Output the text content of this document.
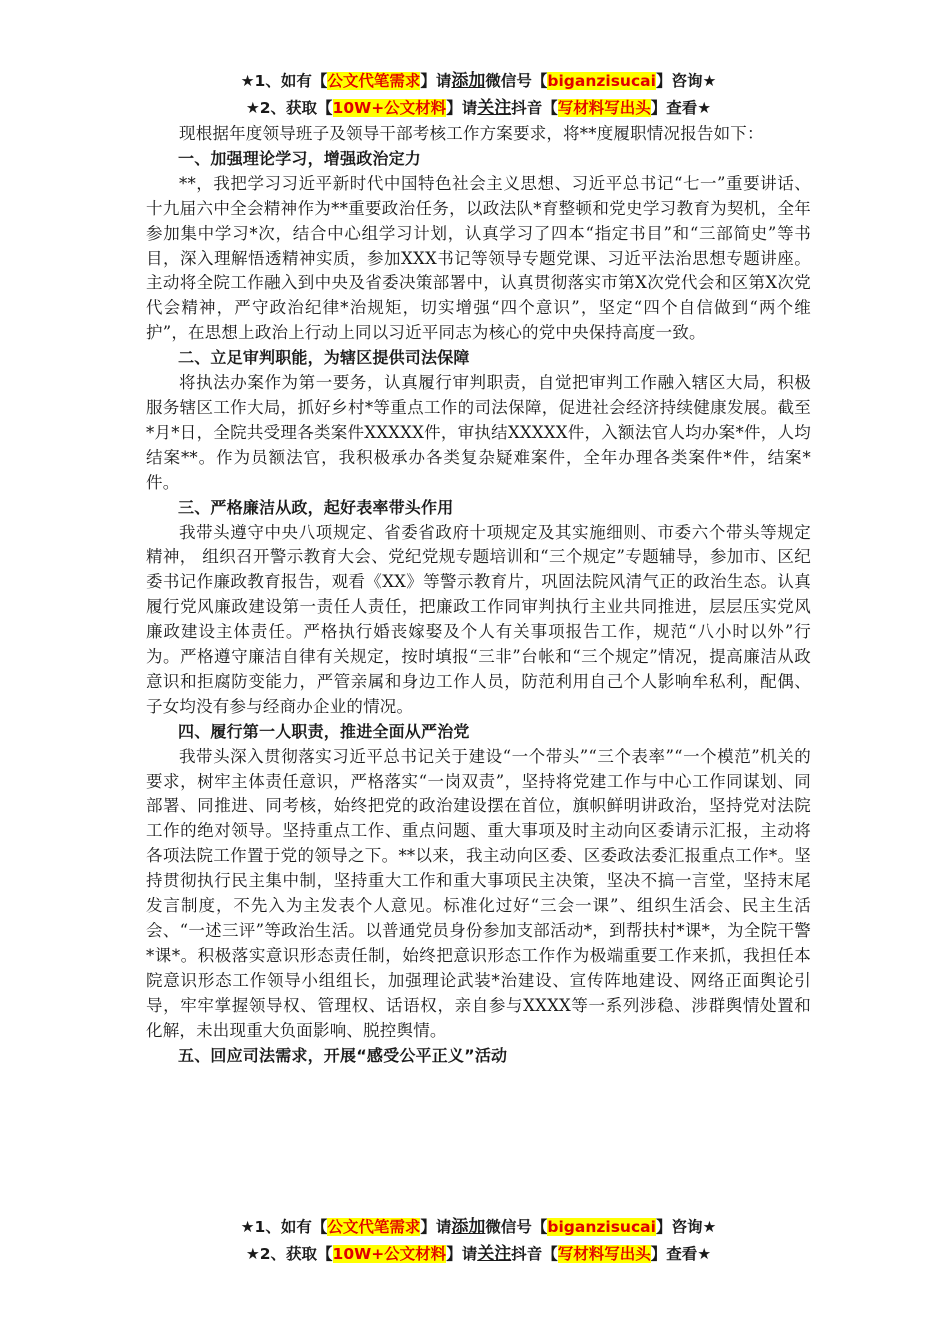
★1、如有【公文代笔需求】请添加微信号【biganzisucai】咨询★
★2、获取【10W+公文材料】请关注抖音【写材料写出头】查看★

现根据年度领导班子及领导干部考核工作方案要求，将**度履职情况报告如下：

一、加强理论学习，增强政治定力

**，我把学习习近平新时代中国特色社会主义思想、习近平总书记“七一”重要讲话、十九届六中全会精神作为**重要政治任务，以政法队*育整顿和党史学习教育为契机，全年参加集中学习*次，结合中心组学习计划，认真学习了四本“指定书目”和“三部简史”等书目，深入理解悟透精神实质，参加XXX书记等领导专题党课、习近平法治思想专题讲座。主动将全院工作融入到中央及省委决策部署中，认真贯彻落实市第X次党代会和区第X次党代会精神，严守政治纪律*治规矩，切实增强“四个意识”，坚定“四个自信做到“两个维护”，在思想上政治上行动上同以习近平同志为核心的党中央保持高度一致。

二、立足审判职能，为辖区提供司法保障

将执法办案作为第一要务，认真履行审判职责，自觉把审判工作融入辖区大局，积极服务辖区工作大局，抓好乡村*等重点工作的司法保障，促进社会经济持续健康发展。截至*月*日，全院共受理各类案件XXXXX件，审执结XXXXX件，入额法官人均办案*件，人均结案**。作为员额法官，我积极承办各类复杂疑难案件，全年办理各类案件*件，结案*件。

三、严格廉洁从政，起好表率带头作用

我带头遵守中央八项规定、省委省政府十项规定及其实施细则、市委六个带头等规定精神， 组织召开警示教育大会、党纪党规专题培训和“三个规定”专题辅导，参加市、区纪委书记作廉政教育报告，观看《XX》等警示教育片，巩固法院风清气正的政治生态。认真履行党风廉政建设第一责任人责任，把廉政工作同审判执行主业共同推进，层层压实党风廉政建设主体责任。严格执行婚丧嫁娶及个人有关事项报告工作，规范“八小时以外”行为。严格遵守廉洁自律有关规定，按时填报“三非”台帐和“三个规定”情况，提高廉洁从政意识和拒腐防变能力，严管亲属和身边工作人员，防范利用自己个人影响牟私利，配偶、子女均没有参与经商办企业的情况。

四、履行第一人职责，推进全面从严治党

我带头深入贯彻落实习近平总书记关于建设“一个带头”“三个表率”“一个模范”机关的要求，树牢主体责任意识，严格落实“一岗双责”，坚持将党建工作与中心工作同谋划、同部署、同推进、同考核，始终把党的政治建设摆在首位，旗帜鲜明讲政治，坚持党对法院工作的绝对领导。坚持重点工作、重点问题、重大事项及时主动向区委请示汇报，主动将各项法院工作置于党的领导之下。**以来，我主动向区委、区委政法委汇报重点工作*。坚持贯彻执行民主集中制，坚持重大工作和重大事项民主决策，坚决不搞一言堂，坚持末尾发言制度，不先入为主发表个人意见。标准化过好“三会一课”、组织生活会、民主生活会、“一述三评”等政治生活。以普通党员身份参加支部活动*，到帮扶村*课*，为全院干警*课*。积极落实意识形态责任制，始终把意识形态工作作为极端重要工作来抓，我担任本院意识形态工作领导小组组长，加强理论武装*治建设、宣传阵地建设、网络正面舆论引导，牢牢掌握领导权、管理权、话语权，亲自参与XXXX等一系列涉稳、涉群舆情处置和化解，未出现重大负面影响、脱控舆情。

五、回应司法需求，开展“感受公平正义”活动

★1、如有【公文代笔需求】请添加微信号【biganzisucai】咨询★
★2、获取【10W+公文材料】请关注抖音【写材料写出头】查看★
